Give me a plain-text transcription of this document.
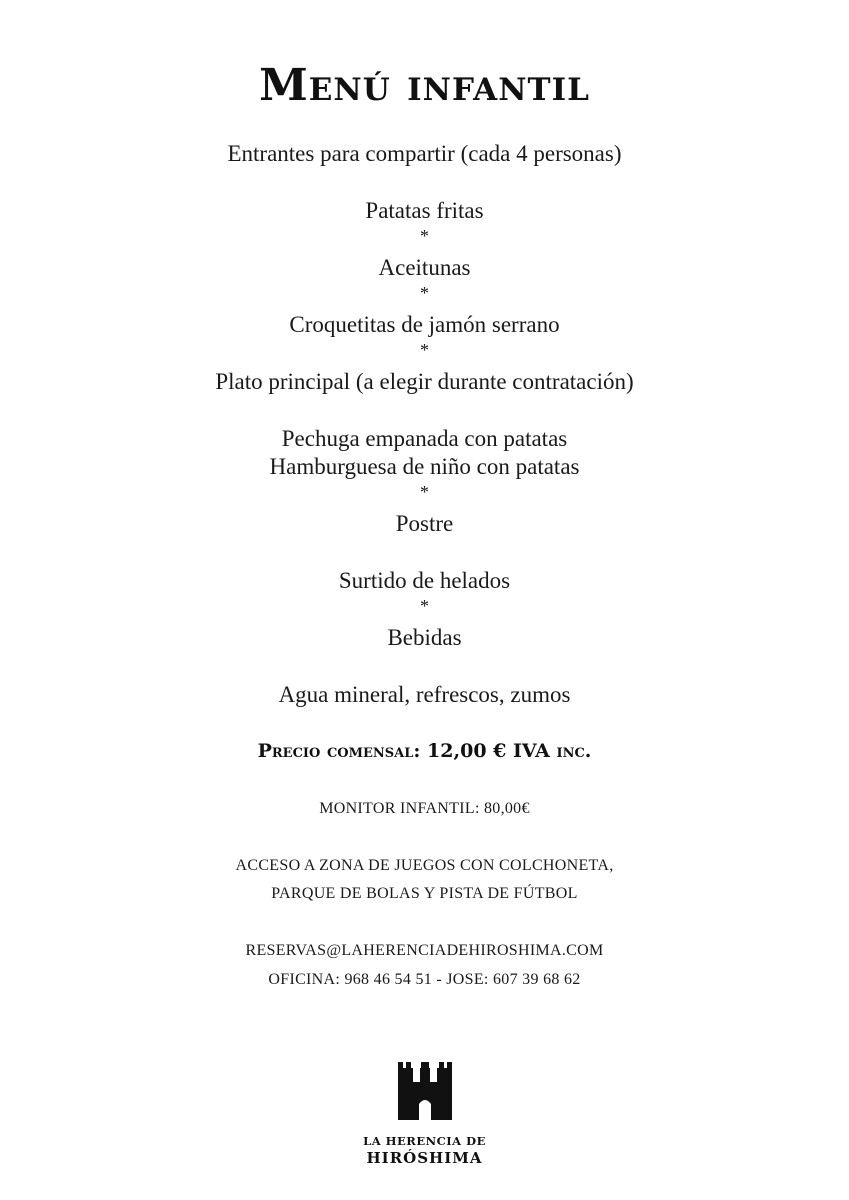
Menú infantil
Entrantes para compartir (cada 4 personas)
Patatas fritas
*
Aceitunas
*
Croquetitas de jamón serrano
*
Plato principal (a elegir durante contratación)
Pechuga empanada con patatas
Hamburguesa de niño con patatas
*
Postre
Surtido de helados
*
Bebidas
Agua mineral, refrescos, zumos
Precio comensal: 12,00 € IVA inc.
MONITOR INFANTIL: 80,00€
ACCESO A ZONA DE JUEGOS CON COLCHONETA,
PARQUE DE BOLAS Y PISTA DE FÚTBOL
RESERVAS@LAHERENCIADEHIROSHIMA.COM
OFICINA: 968 46 54 51 - JOSE: 607 39 68 62
LA HERENCIA DE
HIRÓSHIMA
